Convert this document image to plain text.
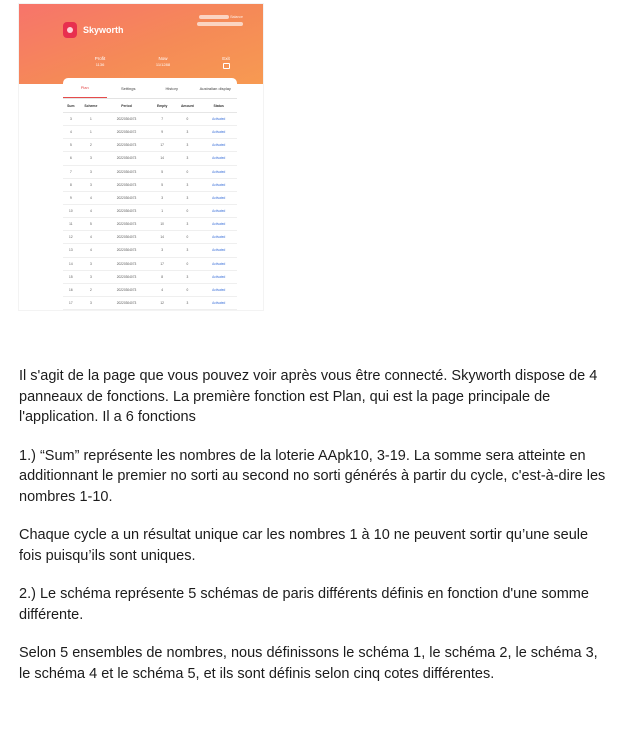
Skyworth
Balance
Profit
1136
Now
11/1288
Exit
Plan	Settings	History	Australian display
Sum	Scheme	Period	Empty	Amount	Status
3	1	20220304073	7	0	Activated
4	1	20220304072	9	3	Activated
5	2	20220304073	17	3	Activated
6	3	20220304073	14	3	Activated
7	3	20220304073	5	0	Activated
8	3	20220304073	5	3	Activated
9	4	20220304073	3	3	Activated
10	4	20220304073	1	0	Activated
11	5	20220304073	10	3	Activated
12	4	20220304073	14	0	Activated
13	4	20220304073	3	3	Activated
14	3	20220304073	17	0	Activated
15	3	20220304073	8	3	Activated
16	2	20220304073	4	0	Activated
17	3	20220304073	12	3	Activated

Il s'agit de la page que vous pouvez voir après vous être connecté. Skyworth dispose de 4 panneaux de fonctions. La première fonction est Plan, qui est la page principale de l'application. Il a 6 fonctions

1.) “Sum” représente les nombres de la loterie AApk10, 3-19. La somme sera atteinte en additionnant le premier no sorti au second no sorti générés à partir du cycle, c'est-à-dire les nombres 1-10.

Chaque cycle a un résultat unique car les nombres 1 à 10 ne peuvent sortir qu’une seule fois puisqu’ils sont uniques.

2.) Le schéma représente 5 schémas de paris différents définis en fonction d'une somme différente.

Selon 5 ensembles de nombres, nous définissons le schéma 1, le schéma 2, le schéma 3, le schéma 4 et le schéma 5, et ils sont définis selon cinq cotes différentes.
